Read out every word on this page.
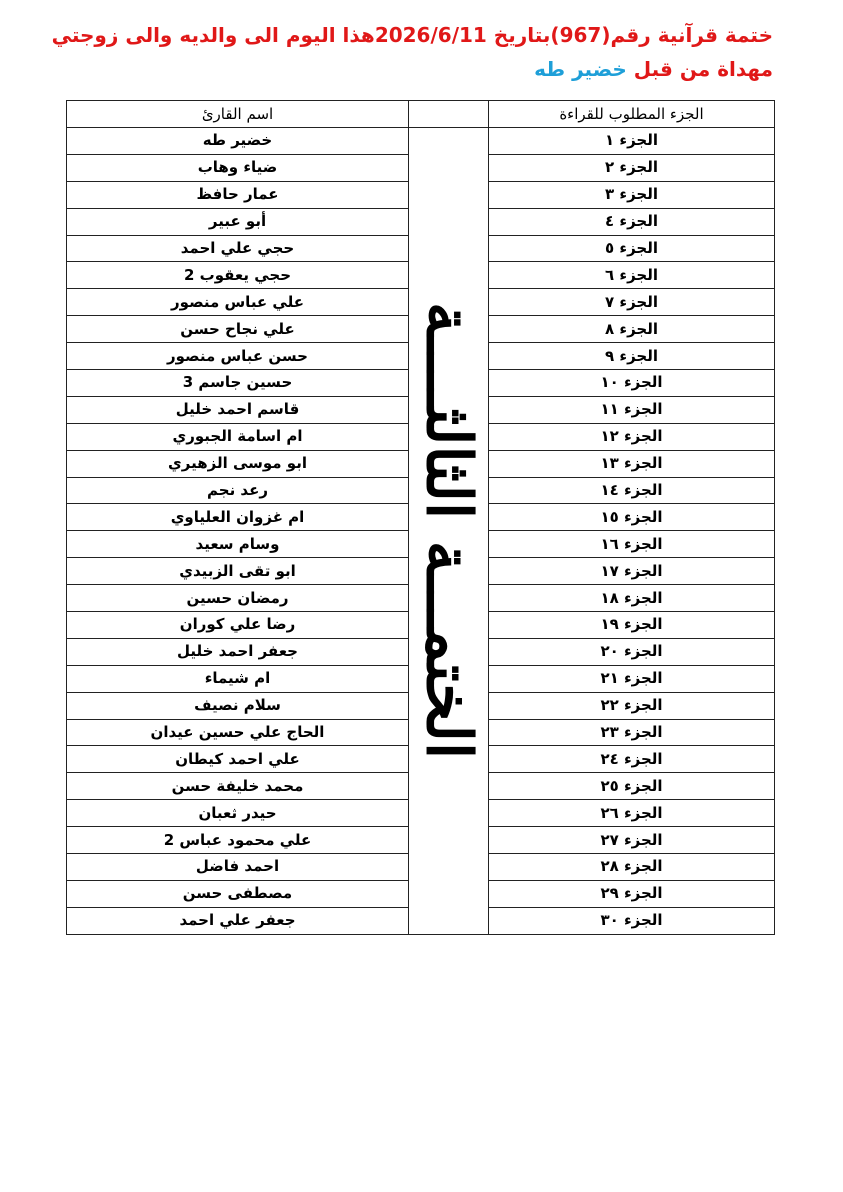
ختمة قرآنية رقم(967)بتاريخ 2026/6/11هذا اليوم الى والديه والى زوجتي
مهداة من قبل خضير طه
الجزء المطلوب للقراءة		اسم القارئ
الجزء ١	الختمـــة الثالثــــة	خضير طه
الجزء ٢		ضياء وهاب
الجزء ٣		عمار حافظ
الجزء ٤		أبو عبير
الجزء ٥		حجي علي احمد
الجزء ٦		حجي يعقوب 2
الجزء ٧		علي عباس منصور
الجزء ٨		علي نجاح حسن
الجزء ٩		حسن عباس منصور
الجزء ١٠		حسين جاسم 3
الجزء ١١		قاسم احمد خليل
الجزء ١٢		ام اسامة الجبوري
الجزء ١٣		ابو موسى الزهيري
الجزء ١٤		رعد نجم
الجزء ١٥		ام غزوان العلياوي
الجزء ١٦		وسام سعيد
الجزء ١٧		ابو تقى الزبيدي
الجزء ١٨		رمضان حسين
الجزء ١٩		رضا علي كوران
الجزء ٢٠		جعفر احمد خليل
الجزء ٢١		ام شيماء
الجزء ٢٢		سلام نصيف
الجزء ٢٣		الحاج علي حسين عيدان
الجزء ٢٤		علي احمد كيطان
الجزء ٢٥		محمد خليفة حسن
الجزء ٢٦		حيدر ثعبان
الجزء ٢٧		علي محمود عباس 2
الجزء ٢٨		احمد فاضل
الجزء ٢٩		مصطفى حسن
الجزء ٣٠		جعفر علي احمد
